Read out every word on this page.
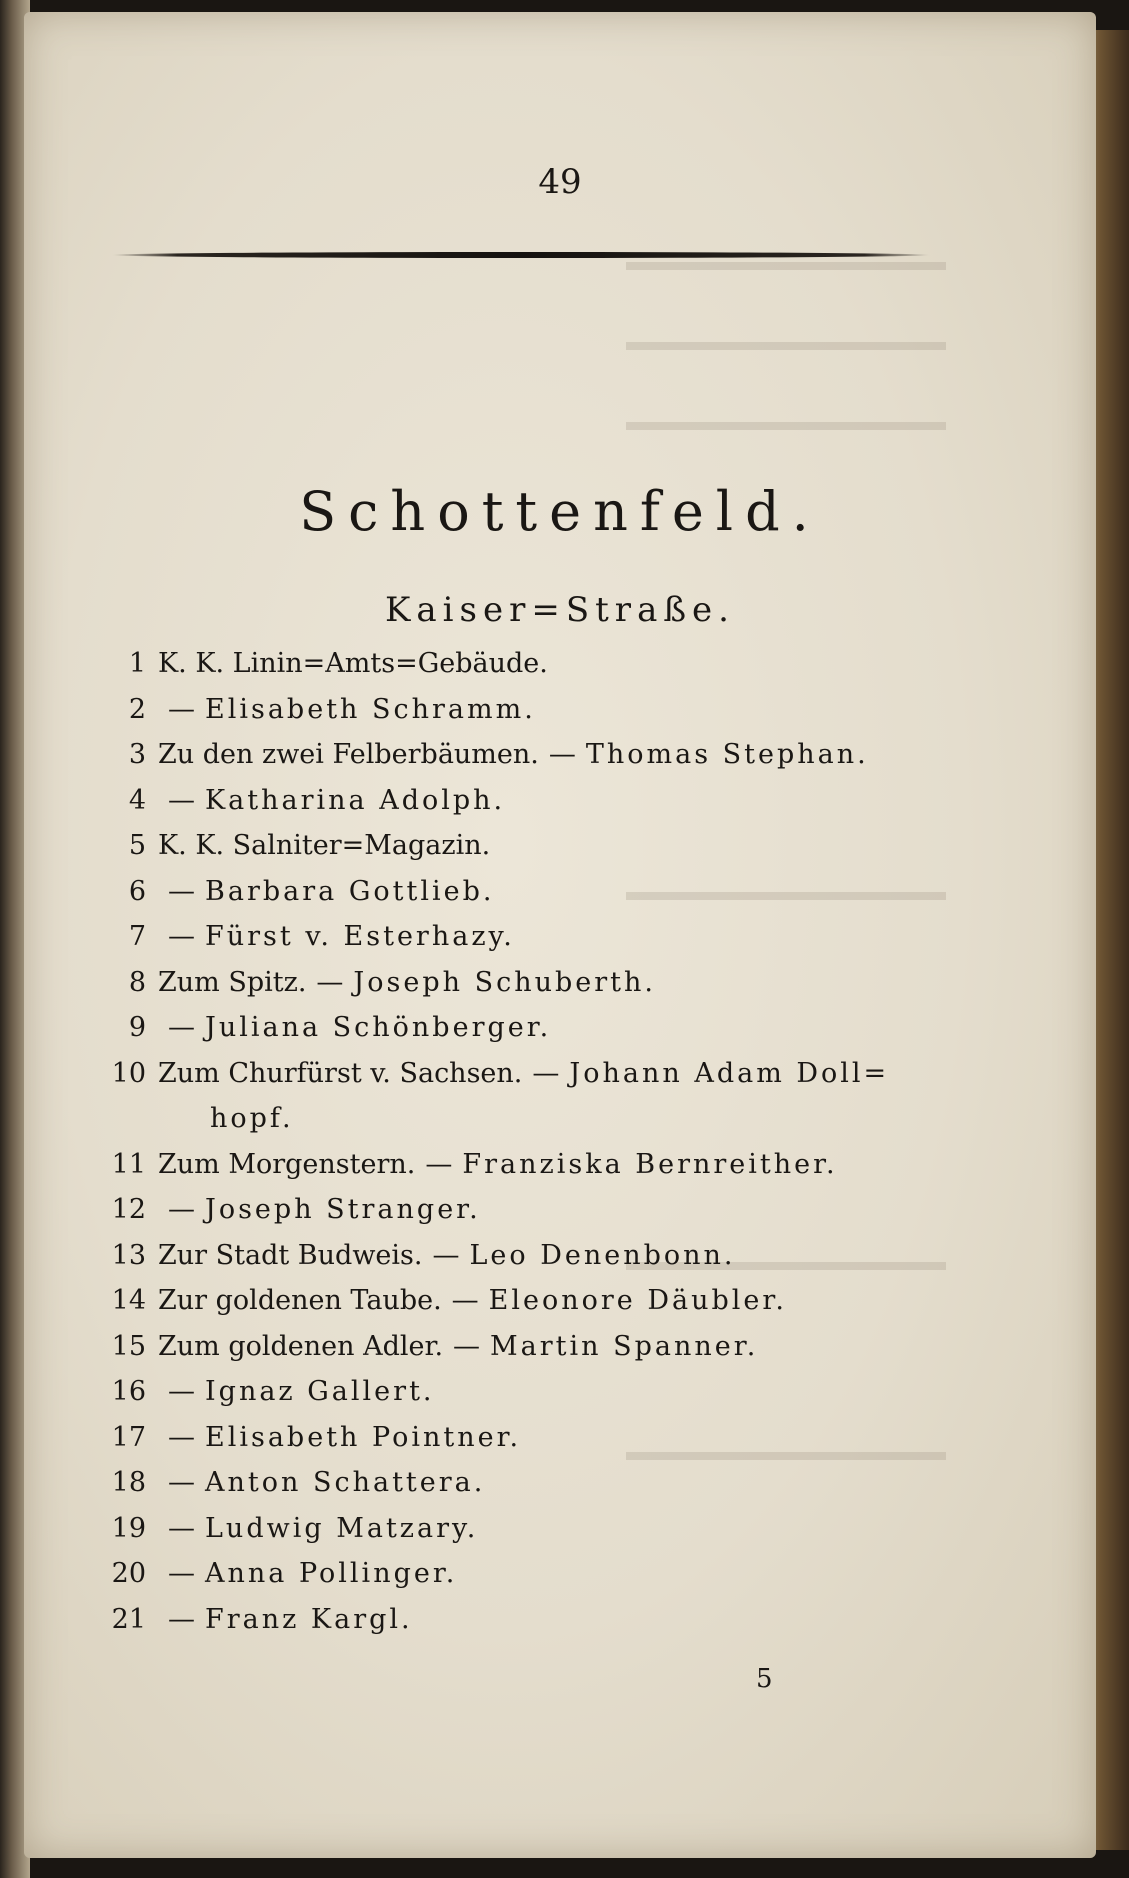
49
Schottenfeld.
Kaiser=Straße.
1 K. K. Linin=Amts=Gebäude.
2 — Elisabeth Schramm.
3 Zu den zwei Felberbäumen. — Thomas Stephan.
4 — Katharina Adolph.
5 K. K. Salniter=Magazin.
6 — Barbara Gottlieb.
7 — Fürst v. Esterhazy.
8 Zum Spitz. — Joseph Schuberth.
9 — Juliana Schönberger.
10 Zum Churfürst v. Sachsen. — Johann Adam Doll=
hopf.
11 Zum Morgenstern. — Franziska Bernreither.
12 — Joseph Stranger.
13 Zur Stadt Budweis. — Leo Denenbonn.
14 Zur goldenen Taube. — Eleonore Däubler.
15 Zum goldenen Adler. — Martin Spanner.
16 — Ignaz Gallert.
17 — Elisabeth Pointner.
18 — Anton Schattera.
19 — Ludwig Matzary.
20 — Anna Pollinger.
21 — Franz Kargl.
5
